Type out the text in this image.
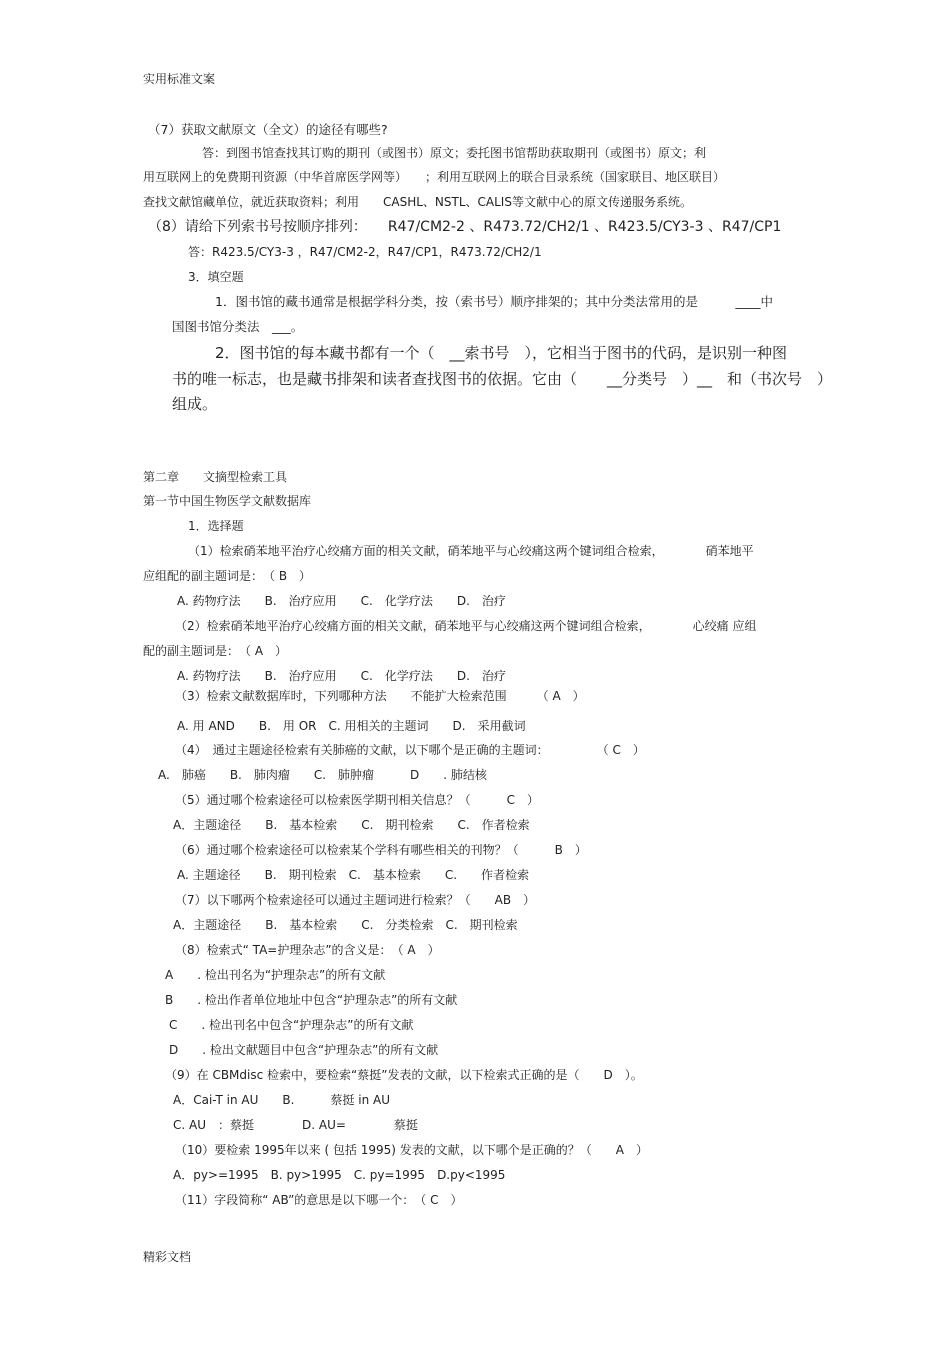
实用标准文案
（7）获取文献原文（全文）的途径有哪些?
答：到图书馆查找其订购的期刊（或图书）原文；委托图书馆帮助获取期刊（或图书）原文；利
用互联网上的免费期刊资源（中华首席医学网等）　　；利用互联网上的联合目录系统（国家联目、地区联目）
查找文献馆藏单位，就近获取资料；利用　　CASHL、NSTL、CALIS等文献中心的原文传递服务系统。
（8）请给下列索书号按顺序排列：　　R47/CM2-2 、R473.72/CH2/1 、R423.5/CY3-3 、R47/CP1
答：R423.5/CY3-3 ，R47/CM2-2，R47/CP1，R473.72/CH2/1
3．填空题
1．图书馆的藏书通常是根据学科分类，按（索书号）顺序排架的；其中分类法常用的是　　　____中
国图书馆分类法　___。
2．图书馆的每本藏书都有一个（　__索书号　），它相当于图书的代码，是识别一种图
书的唯一标志，也是藏书排架和读者查找图书的依据。它由（　　__分类号　）__　和（书次号　）
组成。
第二章　　文摘型检索工具
第一节中国生物医学文献数据库
1．选择题
（1）检索硝苯地平治疗心绞痛方面的相关文献，硝苯地平与心绞痛这两个键词组合检索，　　　　硝苯地平
应组配的副主题词是：　（ B　）
A. 药物疗法　　B.　治疗应用　　C.　化学疗法　　D.　治疗
（2）检索硝苯地平治疗心绞痛方面的相关文献，硝苯地平与心绞痛这两个键词组合检索，　　　　心绞痛 应组
配的副主题词是：　（ A　）
A. 药物疗法　　B.　治疗应用　　C.　化学疗法　　D.　治疗
（3）检索文献数据库时，下列哪种方法　　不能扩大检索范围　　　（ A　）
A. 用 AND　　B.　用 OR　C. 用相关的主题词　　D.　采用截词
（4）　通过主题途径检索有关肺癌的文献，以下哪个是正确的主题词：　　　　　（ C　）
A.　肺癌　　B.　肺肉瘤　　C.　肺肿瘤　　　D　　. 肺结核
（5）通过哪个检索途径可以检索医学期刊相关信息？（　　　C　）
A．主题途径　　B.　基本检索　　C.　期刊检索　　C.　作者检索
（6）通过哪个检索途径可以检索某个学科有哪些相关的刊物？（　　　B　）
A. 主题途径　　B.　期刊检索　C.　基本检索　　C.　　作者检索
（7）以下哪两个检索途径可以通过主题词进行检索？（　　AB　）
A．主题途径　　B.　基本检索　　C.　分类检索　C.　期刊检索
（8）检索式“ TA=护理杂志”的含义是：　（ A　）
A　　. 检出刊名为“护理杂志”的所有文献
B　　. 检出作者单位地址中包含“护理杂志”的所有文献
C　　. 检出刊名中包含“护理杂志”的所有文献
D　　. 检出文献题目中包含“护理杂志”的所有文献
（9）在 CBMdisc 检索中，要检索“蔡挺”发表的文献，以下检索式正确的是（　　D　）。
A．Cai-T in AU　　B.　　　蔡挺 in AU
C. AU　：蔡挺　　　　D. AU=　　　　蔡挺
（10）要检索 1995年以来 ( 包括 1995) 发表的文献，以下哪个是正确的？（　　A　）
A．py>=1995　B. py>1995　C. py=1995　D.py<1995
（11）字段简称“ AB”的意思是以下哪一个：　（ C　）
精彩文档
